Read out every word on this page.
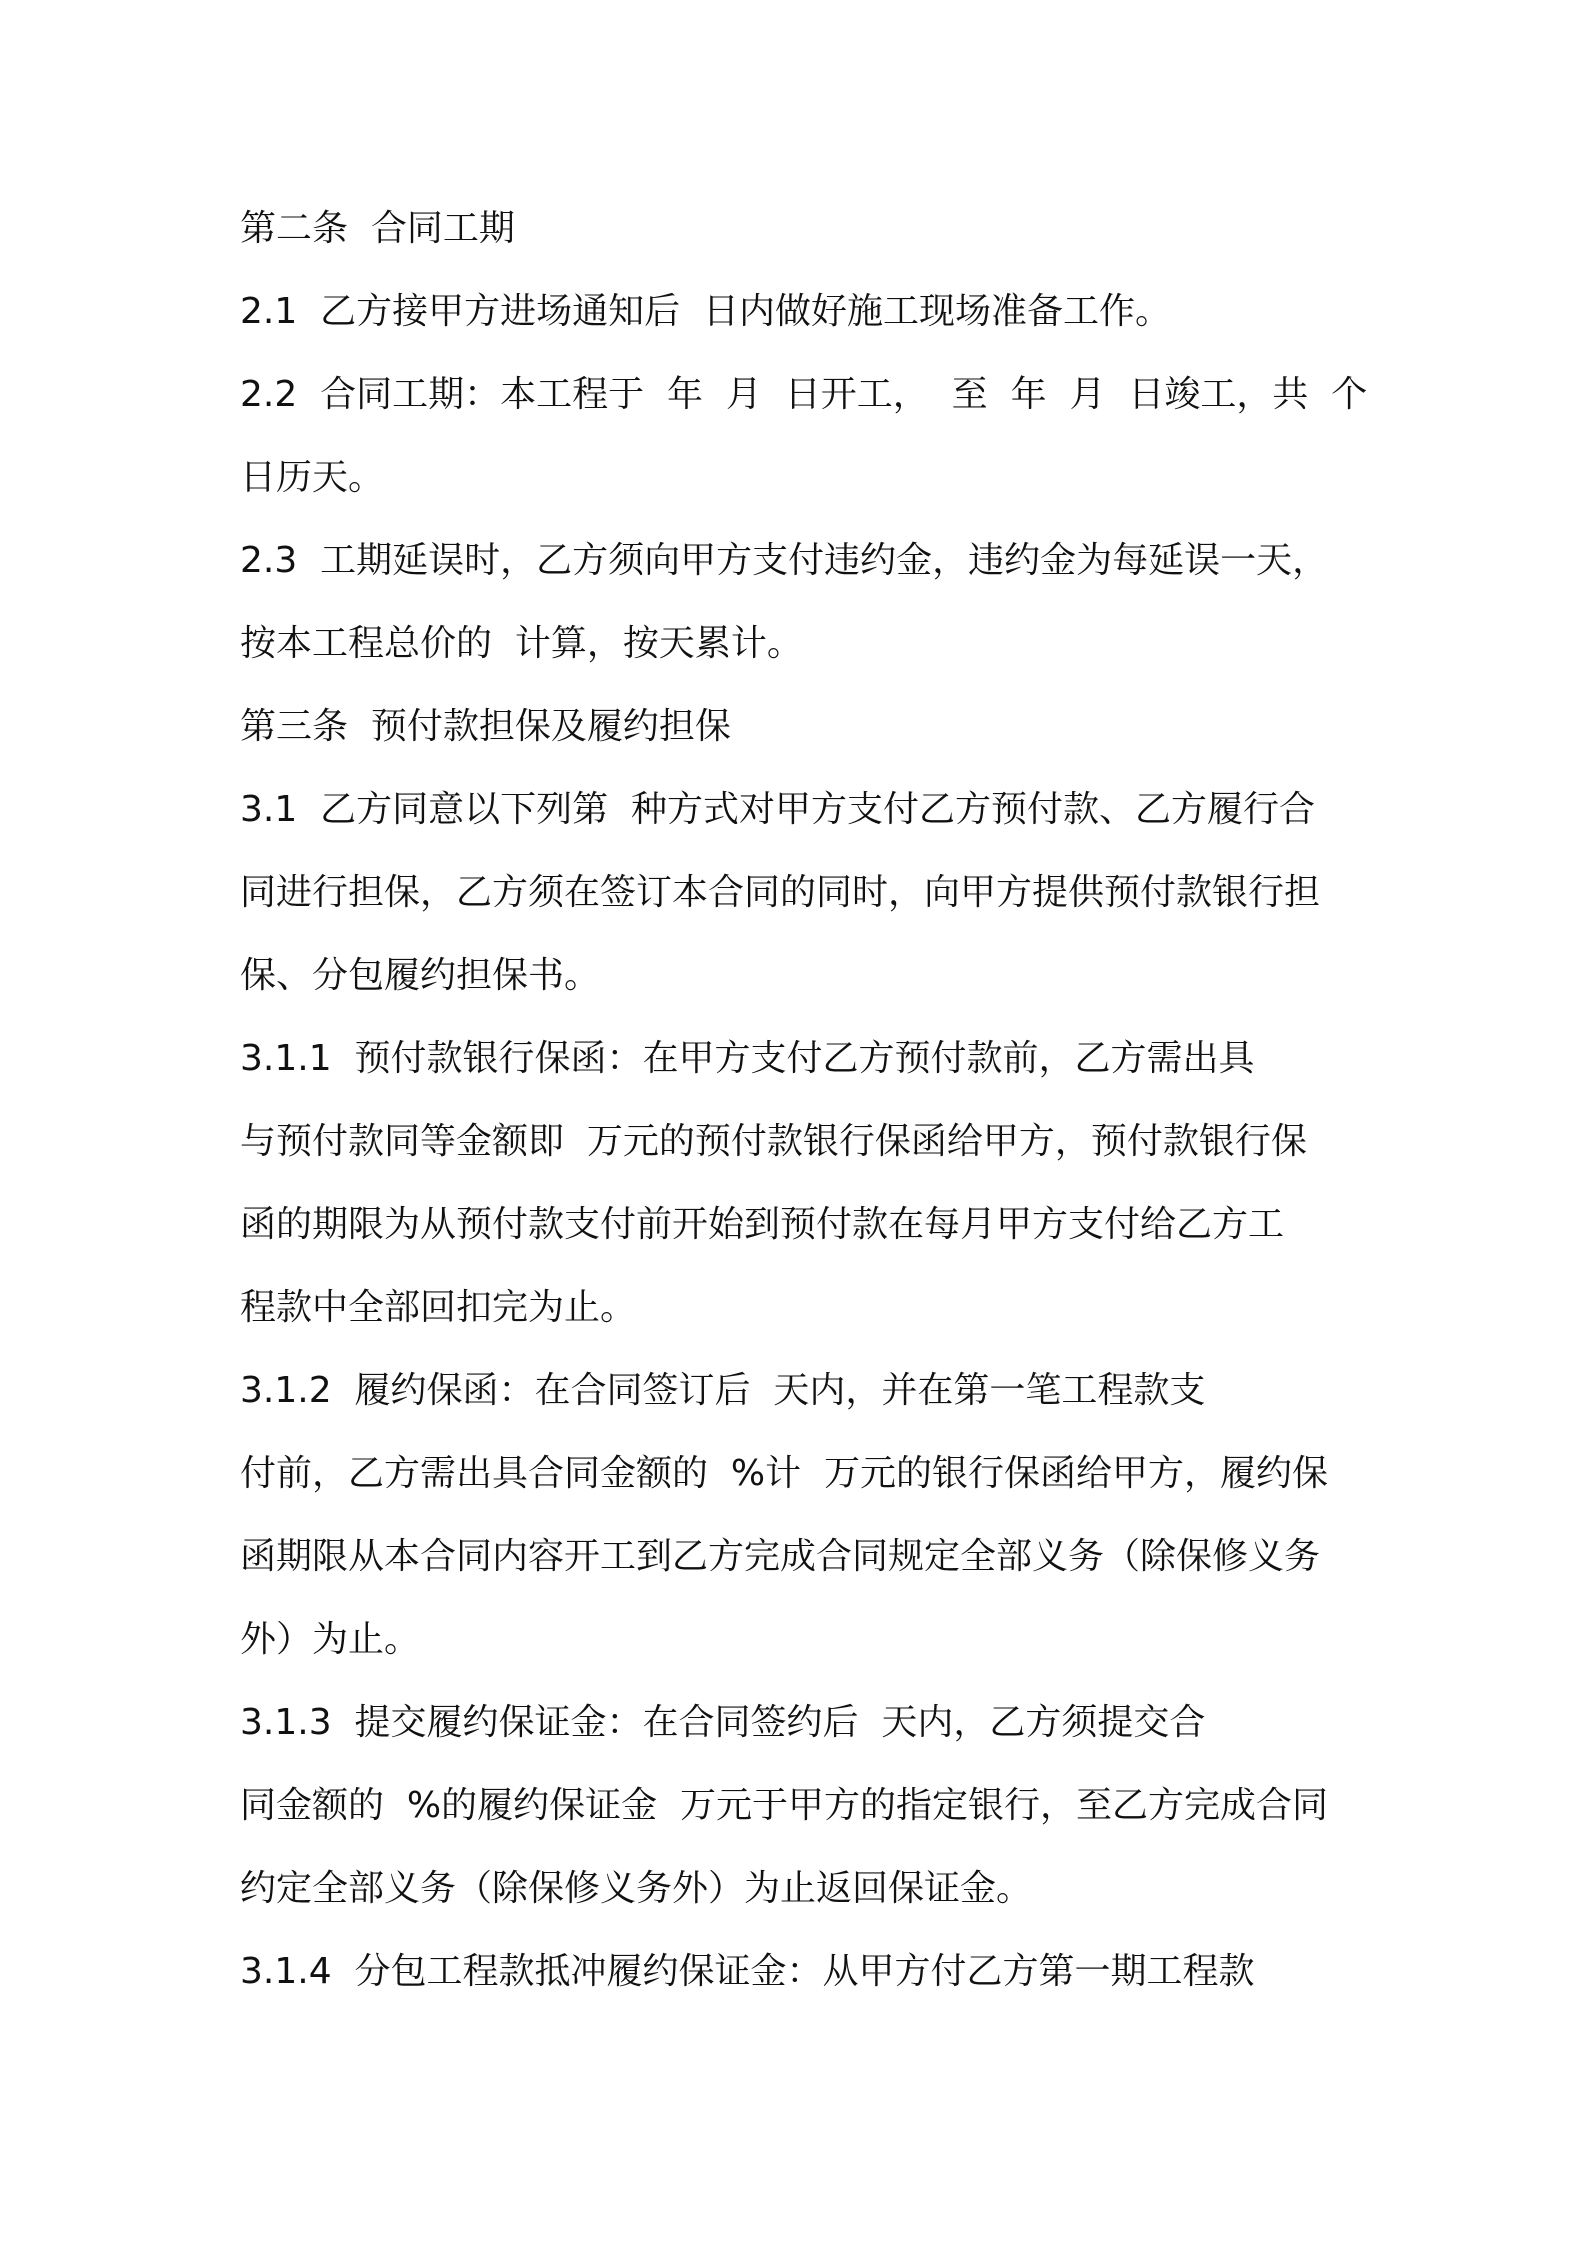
第二条  合同工期
2.1  乙方接甲方进场通知后  日内做好施工现场准备工作。
2.2  合同工期：本工程于  年  月  日开工，  至  年  月  日竣工，共  个
日历天。
2.3  工期延误时，乙方须向甲方支付违约金，违约金为每延误一天，
按本工程总价的  计算，按天累计。
第三条  预付款担保及履约担保
3.1  乙方同意以下列第  种方式对甲方支付乙方预付款、乙方履行合
同进行担保，乙方须在签订本合同的同时，向甲方提供预付款银行担
保、分包履约担保书。
3.1.1  预付款银行保函：在甲方支付乙方预付款前，乙方需出具
与预付款同等金额即  万元的预付款银行保函给甲方，预付款银行保
函的期限为从预付款支付前开始到预付款在每月甲方支付给乙方工
程款中全部回扣完为止。
3.1.2  履约保函：在合同签订后  天内，并在第一笔工程款支
付前，乙方需出具合同金额的  %计  万元的银行保函给甲方，履约保
函期限从本合同内容开工到乙方完成合同规定全部义务（除保修义务
外）为止。
3.1.3  提交履约保证金：在合同签约后  天内，乙方须提交合
同金额的  %的履约保证金  万元于甲方的指定银行，至乙方完成合同
约定全部义务（除保修义务外）为止返回保证金。
3.1.4  分包工程款抵冲履约保证金：从甲方付乙方第一期工程款
